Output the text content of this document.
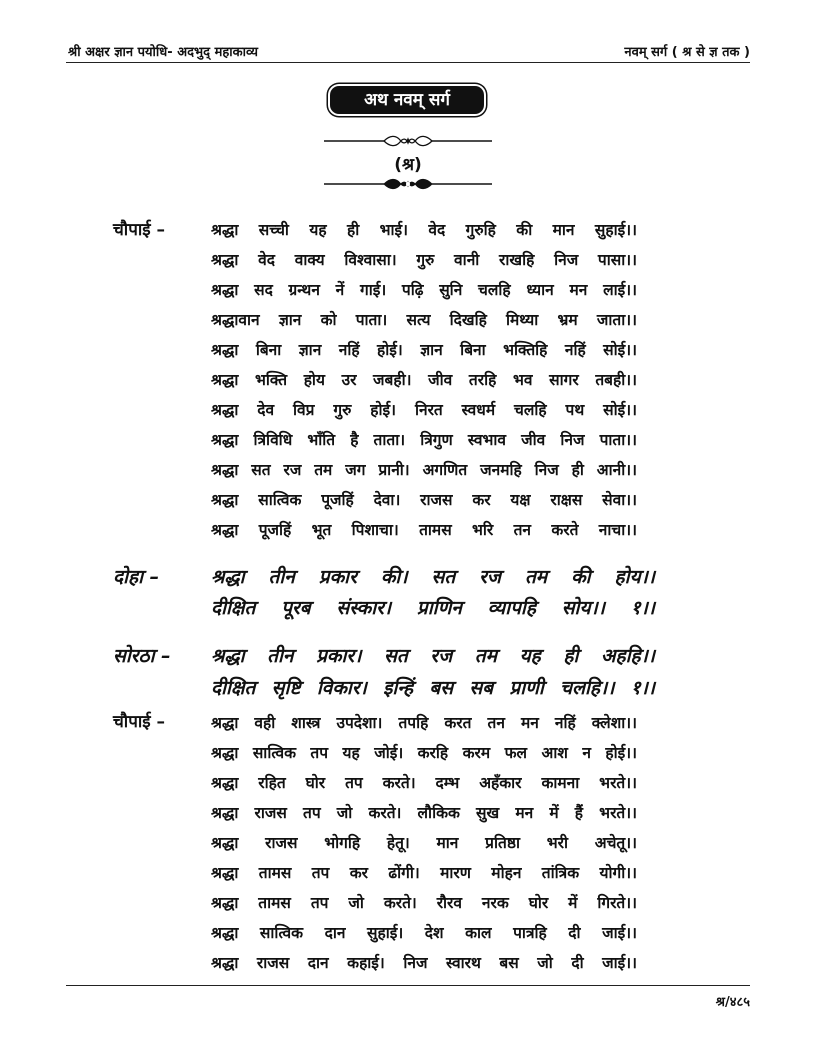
श्री अक्षर ज्ञान पयोधि- अदभुद् महाकाव्य	नवम् सर्ग ( श्र से ज्ञ तक )
अथ नवम् सर्ग
(श्र)
चौपाई –	श्रद्धा सच्ची यह ही भाई। वेद गुरुहि की मान सुहाई।।
श्रद्धा वेद वाक्य विश्वासा। गुरु वानी राखहि निज पासा।।
श्रद्धा सद ग्रन्थन नें गाई। पढ़ि सुनि चलहि ध्यान मन लाई।।
श्रद्धावान ज्ञान को पाता। सत्य दिखहि मिथ्या भ्रम जाता।।
श्रद्धा बिना ज्ञान नहिं होई। ज्ञान बिना भक्तिहि नहिं सोई।।
श्रद्धा भक्ति होय उर जबही। जीव तरहि भव सागर तबही।।
श्रद्धा देव विप्र गुरु होई। निरत स्वधर्म चलहि पथ सोई।।
श्रद्धा त्रिविधि भाँति है ताता। त्रिगुण स्वभाव जीव निज पाता।।
श्रद्धा सत रज तम जग प्रानी। अगणित जनमहि निज ही आनी।।
श्रद्धा सात्विक पूजहिं देवा। राजस कर यक्ष राक्षस सेवा।।
श्रद्धा पूजहिं भूत पिशाचा। तामस भरि तन करते नाचा।।
दोहा –	श्रद्धा तीन प्रकार की। सत रज तम की होय।।
दीक्षित पूरब संस्कार। प्राणिन व्यापहि सोय।। १।।
सोरठा – श्रद्धा तीन प्रकार। सत रज तम यह ही अहहि।।
दीक्षित सृष्टि विकार। इन्हिं बस सब प्राणी चलहि।। १।।
चौपाई –	श्रद्धा वही शास्त्र उपदेशा। तपहि करत तन मन नहिं क्लेशा।।
श्रद्धा सात्विक तप यह जोई। करहि करम फल आश न होई।।
श्रद्धा रहित घोर तप करते। दम्भ अहँकार कामना भरते।।
श्रद्धा राजस तप जो करते। लौकिक सुख मन में हैं भरते।।
श्रद्धा राजस भोगहि हेतू। मान प्रतिष्ठा भरी अचेतू।।
श्रद्धा तामस तप कर ढोंगी। मारण मोहन तांत्रिक योगी।।
श्रद्धा तामस तप जो करते। रौरव नरक घोर में गिरते।।
श्रद्धा सात्विक दान सुहाई। देश काल पात्रहि दी जाई।।
श्रद्धा राजस दान कहाई। निज स्वारथ बस जो दी जाई।।
श्र/४८५
